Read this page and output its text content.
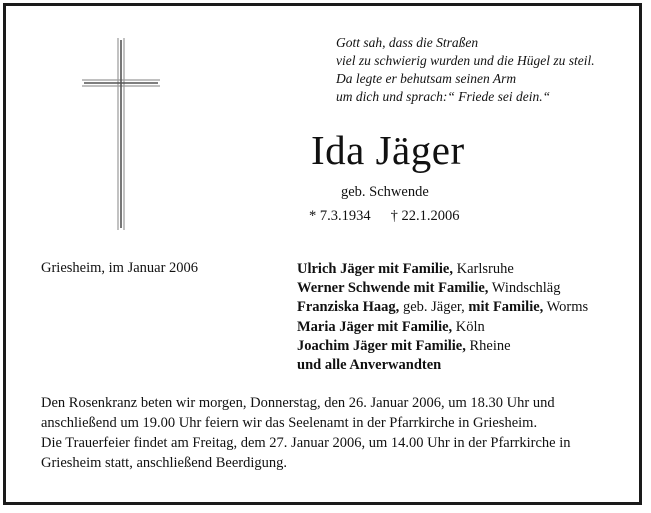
Gott sah, dass die Straßen
viel zu schwierig wurden und die Hügel zu steil.
Da legte er behutsam seinen Arm
um dich und sprach:“ Friede sei dein.“
Ida Jäger
geb. Schwende
* 7.3.1934 † 22.1.2006
Griesheim, im Januar 2006	Ulrich Jäger mit Familie, Karlsruhe
Werner Schwende mit Familie, Windschläg
Franziska Haag, geb. Jäger, mit Familie, Worms
Maria Jäger mit Familie, Köln
Joachim Jäger mit Familie, Rheine
und alle Anverwandten
Den Rosenkranz beten wir morgen, Donnerstag, den 26. Januar 2006, um 18.30 Uhr und
anschließend um 19.00 Uhr feiern wir das Seelenamt in der Pfarrkirche in Griesheim.
Die Trauerfeier findet am Freitag, dem 27. Januar 2006, um 14.00 Uhr in der Pfarrkirche in
Griesheim statt, anschließend Beerdigung.
